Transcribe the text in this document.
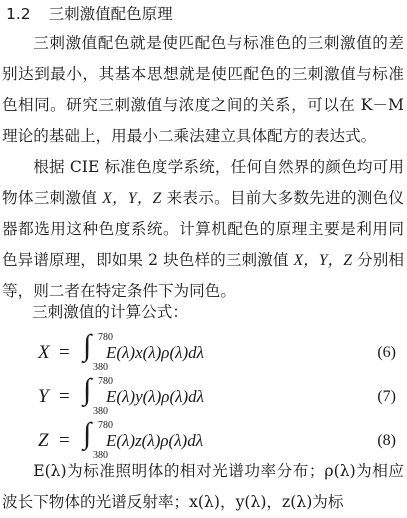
1.2 三刺激值配色原理

三刺激值配色就是使匹配色与标准色的三刺激值的差别达到最小，其基本思想就是使匹配色的三刺激值与标准色相同。研究三刺激值与浓度之间的关系，可以在 K－M 理论的基础上，用最小二乘法建立具体配方的表达式。

根据 CIE 标准色度学系统，任何自然界的颜色均可用物体三刺激值 X，Y，Z 来表示。目前大多数先进的测色仪器都选用这种色度系统。计算机配色的原理主要是利用同色异谱原理，即如果 2 块色样的三刺激值 X，Y，Z 分别相等，则二者在特定条件下为同色。

三刺激值的计算公式：
X = ∫ 780
380
E(λ)x(λ)ρ(λ)dλ	(6)
Y = ∫ 780
380
E(λ)y(λ)ρ(λ)dλ	(7)
Z = ∫ 780
380
E(λ)z(λ)ρ(λ)dλ	(8)

E(λ)为标准照明体的相对光谱功率分布；ρ(λ)为相应波长下物体的光谱反射率；x(λ)，y(λ)，z(λ)为标
